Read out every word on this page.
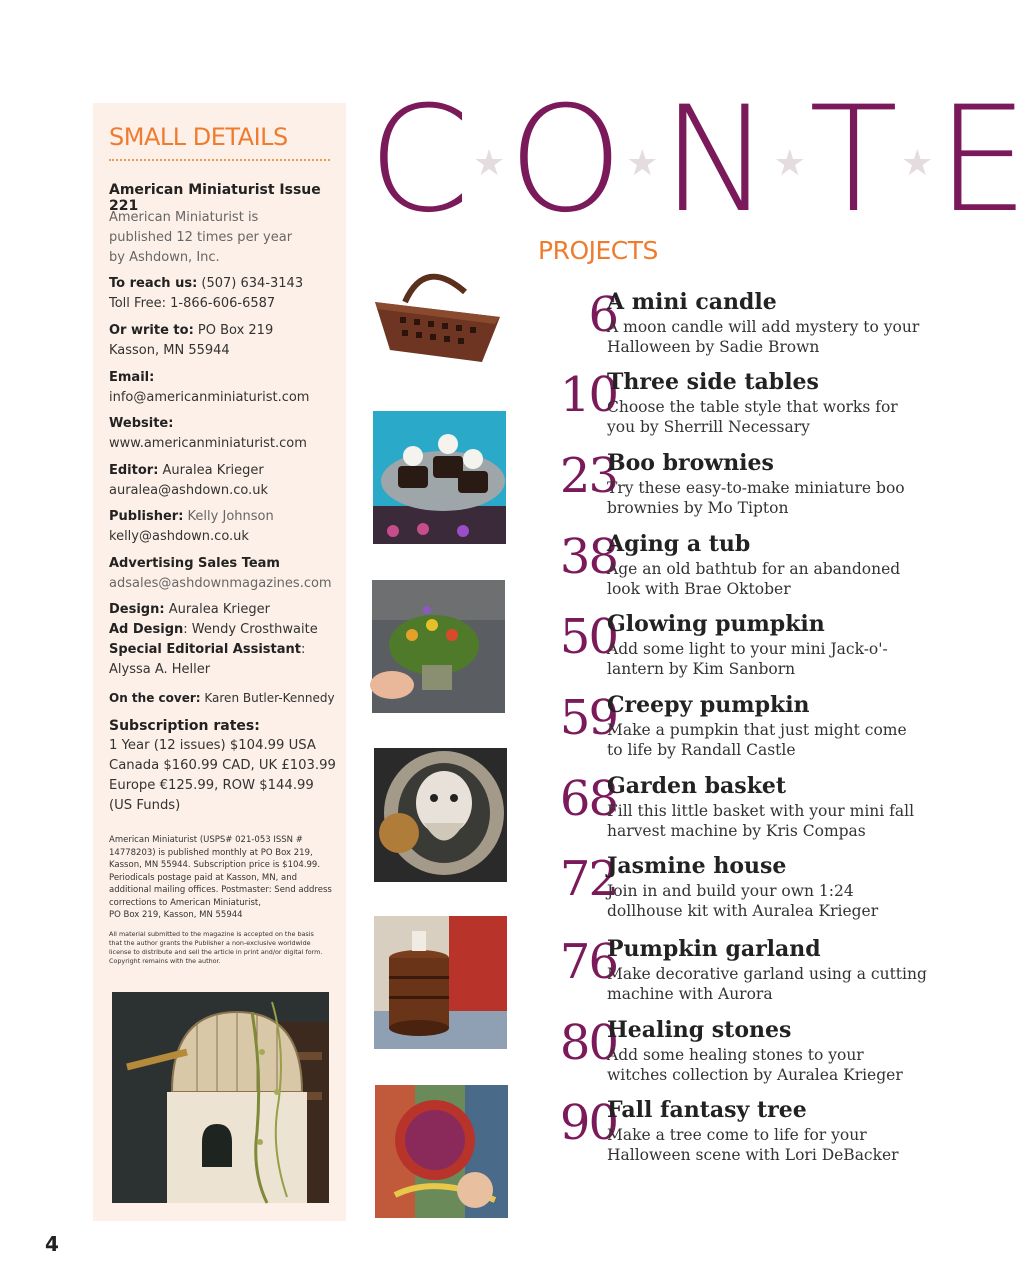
SMALL DETAILS
American Miniaturist Issue 221
American Miniaturist is
published 12 times per year
by Ashdown, Inc.
To reach us: (507) 634-3143
Toll Free: 1-866-606-6587
Or write to: PO Box 219
Kasson, MN 55944
Email:
info@americanminiaturist.com
Website:
www.americanminiaturist.com
Editor: Auralea Krieger
auralea@ashdown.co.uk
Publisher: Kelly Johnson
kelly@ashdown.co.uk
Advertising Sales Team
adsales@ashdownmagazines.com
Design: Auralea Krieger
Ad Design: Wendy Crosthwaite
Special Editorial Assistant:
Alyssa A. Heller
On the cover: Karen Butler-Kennedy
Subscription rates:
1 Year (12 issues) $104.99 USA
Canada $160.99 CAD, UK £103.99
Europe €125.99, ROW $144.99
(US Funds)
American Miniaturist (USPS# 021-053 ISSN #
14778203) is published monthly at PO Box 219,
Kasson, MN 55944. Subscription price is $104.99.
Periodicals postage paid at Kasson, MN, and
additional mailing offices. Postmaster: Send address
corrections to American Miniaturist,
PO Box 219, Kasson, MN 55944
All material submitted to the magazine is accepted on the basis
that the author grants the Publisher a non-exclusive worldwide
license to distribute and sell the article in print and/or digital form.
Copyright remains with the author.
4
C★O★N★T★E
PROJECTS
6
A mini candle
A moon candle will add mystery to your Halloween by Sadie Brown
10
Three side tables
Choose the table style that works for you by Sherrill Necessary
23
Boo brownies
Try these easy-to-make miniature boo brownies by Mo Tipton
38
Aging a tub
Age an old bathtub for an abandoned look with Brae Oktober
50
Glowing pumpkin
Add some light to your mini Jack-o'-lantern by Kim Sanborn
59
Creepy pumpkin
Make a pumpkin that just might come to life by Randall Castle
68
Garden basket
Fill this little basket with your mini fall harvest machine by Kris Compas
72
Jasmine house
Join in and build your own 1:24 dollhouse kit with Auralea Krieger
76
Pumpkin garland
Make decorative garland using a cutting machine with Aurora
80
Healing stones
Add some healing stones to your witches collection by Auralea Krieger
90
Fall fantasy tree
Make a tree come to life for your Halloween scene with Lori DeBacker
